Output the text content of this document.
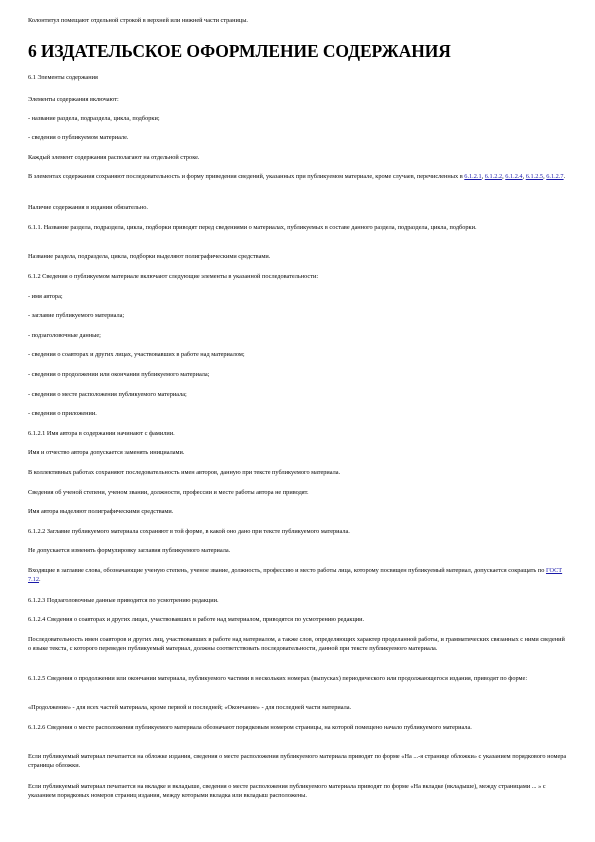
Колонтитул помещают отдельной строкой в верхней или нижней части страницы.
6 ИЗДАТЕЛЬСКОЕ ОФОРМЛЕНИЕ СОДЕРЖАНИЯ
6.1 Элементы содержания
Элементы содержания включают:
- название раздела, подраздела, цикла, подборки;
- сведения о публикуемом материале.
Каждый элемент содержания располагают на отдельной строке.
В элементах содержания сохраняют последовательность и форму приведения сведений, указанных при публикуемом материале, кроме случаев, перечисленных в 6.1.2.1, 6.1.2.2, 6.1.2.4, 6.1.2.5, 6.1.2.7.
Наличие содержания в издании обязательно.
6.1.1. Название раздела, подраздела, цикла, подборки приводят перед сведениями о материалах, публикуемых в составе данного раздела, подраздела, цикла, подборки.
Название раздела, подраздела, цикла, подборки выделяют полиграфическими средствами.
6.1.2 Сведения о публикуемом материале включают следующие элементы в указанной последовательности:
- имя автора;
- заглавие публикуемого материала;
- подзаголовочные данные;
- сведения о соавторах и других лицах, участвовавших в работе над материалом;
- сведения о продолжении или окончании публикуемого материала;
- сведения о месте расположения публикуемого материала;
- сведения о приложении.
6.1.2.1 Имя автора в содержании начинают с фамилии.
Имя и отчество автора допускается заменять инициалами.
В коллективных работах сохраняют последовательность имен авторов, данную при тексте публикуемого материала.
Сведения об ученой степени, ученом звании, должности, профессии и месте работы автора не приводят.
Имя автора выделяют полиграфическими средствами.
6.1.2.2 Заглавие публикуемого материала сохраняют в той форме, в какой оно дано при тексте публикуемого материала.
Не допускается изменять формулировку заглавия публикуемого материала.
Входящие в заглавие слова, обозначающие ученую степень, ученое звание, должность, профессию и место работы лица, которому посвящен публикуемый материал, допускается сокращать по ГОСТ 7.12.
6.1.2.3 Подзаголовочные данные приводятся по усмотрению редакции.
6.1.2.4 Сведения о соавторах и других лицах, участвовавших в работе над материалом, приводятся по усмотрению редакции.
Последовательность имен соавторов и других лиц, участвовавших в работе над материалом, а также слов, определяющих характер проделанной работы, и грамматических связанных с ними сведений о языке текста, с которого переведен публикуемый материал, должны соответствовать последовательности, данной при тексте публикуемого материала.
6.1.2.5 Сведения о продолжении или окончании материала, публикуемого частями в нескольких номерах (выпусках) периодического или продолжающегося издания, приводят по форме:
«Продолжение» - для всех частей материала, кроме первой и последней; «Окончание» - для последней части материала.
6.1.2.6 Сведения о месте расположения публикуемого материала обозначают порядковым номером страницы, на которой помещено начало публикуемого материала.
Если публикуемый материал печатается на обложке издания, сведения о месте расположения публикуемого материала приводят по форме «На ...-я странице обложки» с указанием порядкового номера страницы обложки.
Если публикуемый материал печатается на вкладке и вкладыше, сведения о месте расположения публикуемого материала приводят по форме «На вкладке (вкладыше), между страницами ... » с указанием порядковых номеров страниц издания, между которыми вкладка или вкладыш расположены.
